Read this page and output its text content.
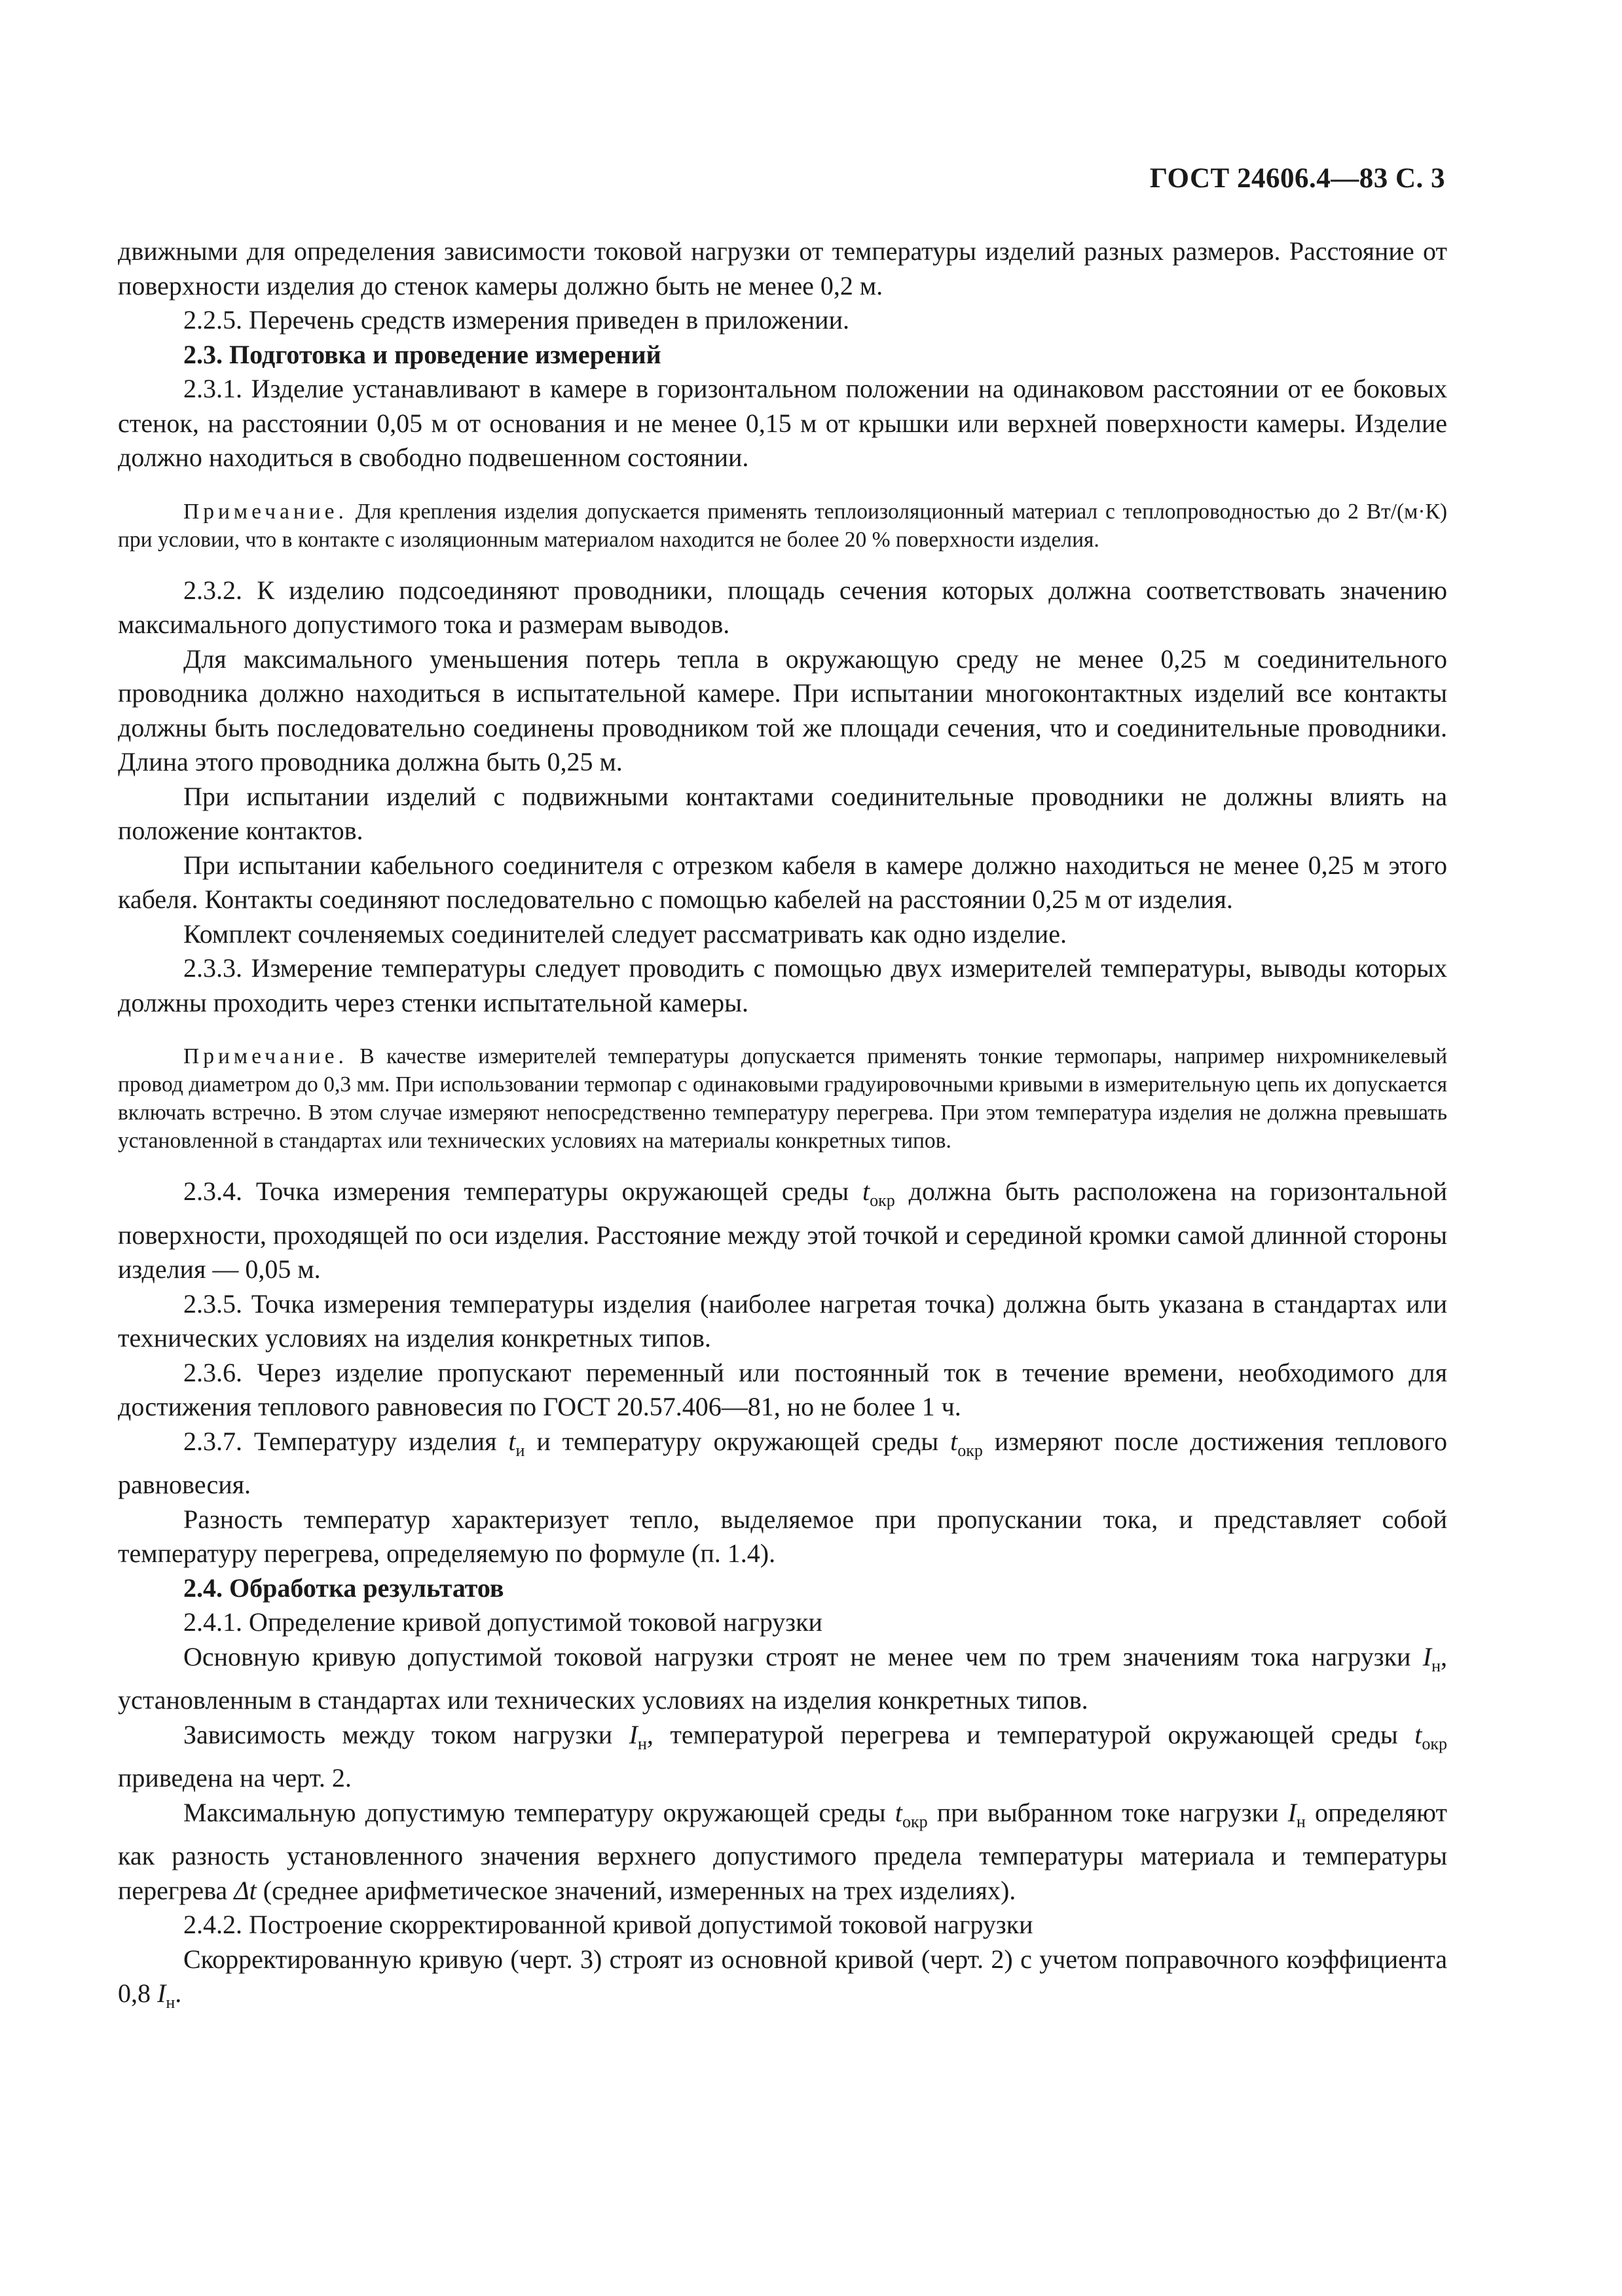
ГОСТ 24606.4—83 С. 3

движными для определения зависимости токовой нагрузки от температуры изделий разных размеров. Расстояние от поверхности изделия до стенок камеры должно быть не менее 0,2 м.

2.2.5. Перечень средств измерения приведен в приложении.

2.3. Подготовка и проведение измерений

2.3.1. Изделие устанавливают в камере в горизонтальном положении на одинаковом расстоянии от ее боковых стенок, на расстоянии 0,05 м от основания и не менее 0,15 м от крышки или верхней поверхности камеры. Изделие должно находиться в свободно подвешенном состоянии.

Примечание. Для крепления изделия допускается применять теплоизоляционный материал с теплопроводностью до 2 Вт/(м·К) при условии, что в контакте с изоляционным материалом находится не более 20 % поверхности изделия.

2.3.2. К изделию подсоединяют проводники, площадь сечения которых должна соответствовать значению максимального допустимого тока и размерам выводов.

Для максимального уменьшения потерь тепла в окружающую среду не менее 0,25 м соединительного проводника должно находиться в испытательной камере. При испытании многоконтактных изделий все контакты должны быть последовательно соединены проводником той же площади сечения, что и соединительные проводники. Длина этого проводника должна быть 0,25 м.

При испытании изделий с подвижными контактами соединительные проводники не должны влиять на положение контактов.

При испытании кабельного соединителя с отрезком кабеля в камере должно находиться не менее 0,25 м этого кабеля. Контакты соединяют последовательно с помощью кабелей на расстоянии 0,25 м от изделия.

Комплект сочленяемых соединителей следует рассматривать как одно изделие.

2.3.3. Измерение температуры следует проводить с помощью двух измерителей температуры, выводы которых должны проходить через стенки испытательной камеры.

Примечание. В качестве измерителей температуры допускается применять тонкие термопары, например нихромникелевый провод диаметром до 0,3 мм. При использовании термопар с одинаковыми градуировочными кривыми в измерительную цепь их допускается включать встречно. В этом случае измеряют непосредственно температуру перегрева. При этом температура изделия не должна превышать установленной в стандартах или технических условиях на материалы конкретных типов.

2.3.4. Точка измерения температуры окружающей среды $t_{окр}$ должна быть расположена на горизонтальной поверхности, проходящей по оси изделия. Расстояние между этой точкой и серединой кромки самой длинной стороны изделия — 0,05 м.

2.3.5. Точка измерения температуры изделия (наиболее нагретая точка) должна быть указана в стандартах или технических условиях на изделия конкретных типов.

2.3.6. Через изделие пропускают переменный или постоянный ток в течение времени, необходимого для достижения теплового равновесия по ГОСТ 20.57.406—81, но не более 1 ч.

2.3.7. Температуру изделия $t_и$ и температуру окружающей среды $t_{окр}$ измеряют после достижения теплового равновесия.

Разность температур характеризует тепло, выделяемое при пропускании тока, и представляет собой температуру перегрева, определяемую по формуле (п. 1.4).

2.4. Обработка результатов

2.4.1. Определение кривой допустимой токовой нагрузки

Основную кривую допустимой токовой нагрузки строят не менее чем по трем значениям тока нагрузки $I_н$, установленным в стандартах или технических условиях на изделия конкретных типов.

Зависимость между током нагрузки $I_н$, температурой перегрева и температурой окружающей среды $t_{окр}$ приведена на черт. 2.

Максимальную допустимую температуру окружающей среды $t_{окр}$ при выбранном токе нагрузки $I_н$ определяют как разность установленного значения верхнего допустимого предела температуры материала и температуры перегрева Δt (среднее арифметическое значений, измеренных на трех изделиях).

2.4.2. Построение скорректированной кривой допустимой токовой нагрузки

Скорректированную кривую (черт. 3) строят из основной кривой (черт. 2) с учетом поправочного коэффициента 0,8 $I_н$.
